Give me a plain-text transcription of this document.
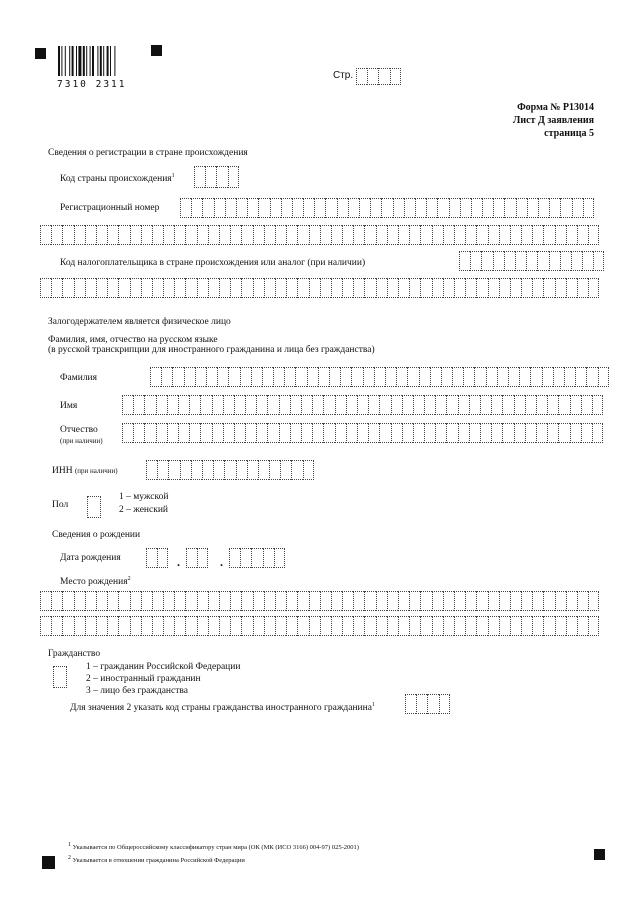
7310 2311
Стр.
Форма № Р13014
Лист Д заявления
страница 5
Сведения о регистрации в стране происхождения
Код страны происхождения$^1$
Регистрационный номер
Код налогоплательщика в стране происхождения или аналог (при наличии)
Залогодержателем является физическое лицо
Фамилия, имя, отчество на русском языке
(в русской транскрипции для иностранного гражданина и лица без гражданства)
Фамилия
Имя
Отчество
(при наличии)
ИНН (при наличии)
Пол
1 – мужской
2 – женский
Сведения о рождении
Дата рождения	.	.
Место рождения$^2$
Гражданство
1 – гражданин Российской Федерации
2 – иностранный гражданин
3 – лицо без гражданства
Для значения 2 указать код страны гражданства иностранного гражданина$^1$
1 Указывается по Общероссийскому классификатору стран мира (ОК (МК (ИСО 3166) 004-97) 025-2001)
2 Указывается в отношении гражданина Российской Федерации
